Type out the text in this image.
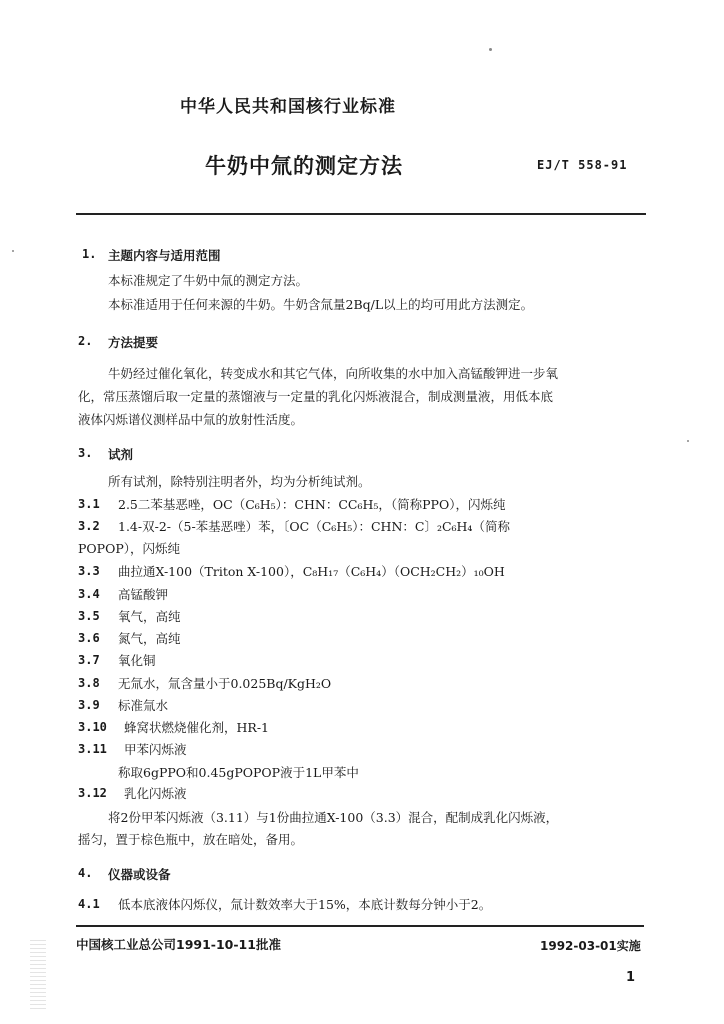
中华人民共和国核行业标准
牛奶中氚的测定方法	EJ/T 558-91
1. 主题内容与适用范围
本标准规定了牛奶中氚的测定方法。
本标准适用于任何来源的牛奶。牛奶含氚量2Bq/L以上的均可用此方法测定。
2. 方法提要
牛奶经过催化氧化，转变成水和其它气体，向所收集的水中加入高锰酸钾进一步氧
化，常压蒸馏后取一定量的蒸馏液与一定量的乳化闪烁液混合，制成测量液，用低本底
液体闪烁谱仪测样品中氚的放射性活度。
3. 试剂
所有试剂，除特别注明者外，均为分析纯试剂。
3.1 2.5二苯基恶唑，OC（C₆H₅）：CHN：CC₆H₅，（简称PPO），闪烁纯
3.2 1.4-双-2-（5-苯基恶唑）苯，〔OC（C₆H₅）：CHN：C〕₂C₆H₄（简称
POPOP），闪烁纯
3.3 曲拉通X-100（Triton X-100），C₈H₁₇（C₆H₄）（OCH₂CH₂）₁₀OH
3.4 高锰酸钾
3.5 氧气，高纯
3.6 氮气，高纯
3.7 氧化铜
3.8 无氚水，氚含量小于0.025Bq/KgH₂O
3.9 标准氚水
3.10 蜂窝状燃烧催化剂，HR-1
3.11 甲苯闪烁液
称取6gPPO和0.45gPOPOP液于1L甲苯中
3.12 乳化闪烁液
将2份甲苯闪烁液（3.11）与1份曲拉通X-100（3.3）混合，配制成乳化闪烁液，
摇匀，置于棕色瓶中，放在暗处，备用。
4. 仪器或设备
4.1 低本底液体闪烁仪，氚计数效率大于15%，本底计数每分钟小于2。
中国核工业总公司1991-10-11批准	1992-03-01实施
1
